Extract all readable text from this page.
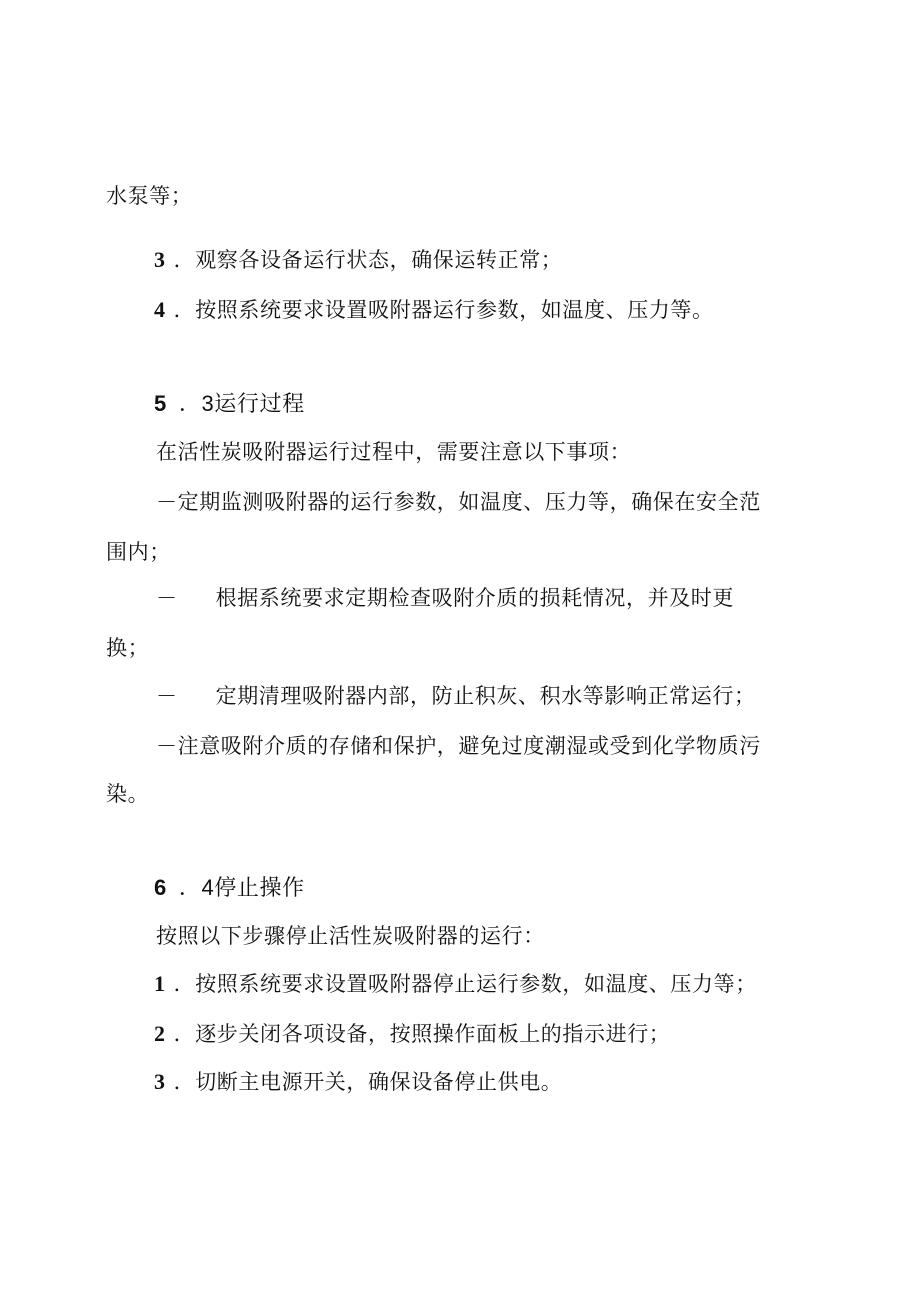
水泵等；
3 ．观察各设备运行状态，确保运转正常；
4 ．按照系统要求设置吸附器运行参数，如温度、压力等。
5 ．3运行过程
在活性炭吸附器运行过程中，需要注意以下事项：
－定期监测吸附器的运行参数，如温度、压力等，确保在安全范
围内；
－ 根据系统要求定期检查吸附介质的损耗情况，并及时更
换；
－ 定期清理吸附器内部，防止积灰、积水等影响正常运行；
－注意吸附介质的存储和保护，避免过度潮湿或受到化学物质污
染。
6 ．4停止操作
按照以下步骤停止活性炭吸附器的运行：
1 ．按照系统要求设置吸附器停止运行参数，如温度、压力等；
2 ．逐步关闭各项设备，按照操作面板上的指示进行；
3 ．切断主电源开关，确保设备停止供电。
